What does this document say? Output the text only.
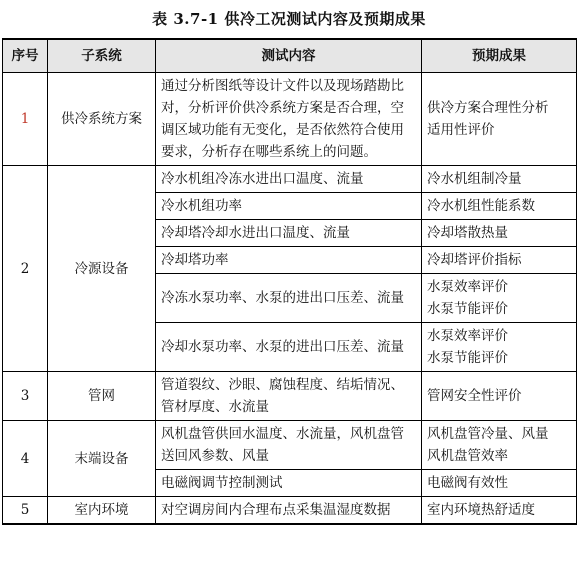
表 3.7-1 供冷工况测试内容及预期成果
序号	子系统	测试内容	预期成果
1	供冷系统方案	通过分析图纸等设计文件以及现场踏勘比对，分析评价供冷系统方案是否合理，空调区域功能有无变化，是否依然符合使用要求，分析存在哪些系统上的问题。	供冷方案合理性分析
适用性评价

2	冷源设备	冷水机组冷冻水进出口温度、流量	冷水机组制冷量

		冷水机组功率	冷水机组性能系数

		冷却塔冷却水进出口温度、流量	冷却塔散热量

		冷却塔功率	冷却塔评价指标

		冷冻水泵功率、水泵的进出口压差、流量	水泵效率评价
水泵节能评价

		冷却水泵功率、水泵的进出口压差、流量	水泵效率评价
水泵节能评价

3	管网	管道裂纹、沙眼、腐蚀程度、结垢情况、管材厚度、水流量	管网安全性评价

4	末端设备	风机盘管供回水温度、水流量，风机盘管送回风参数、风量	风机盘管冷量、风量
风机盘管效率

		电磁阀调节控制测试	电磁阀有效性

5	室内环境	对空调房间内合理布点采集温湿度数据	室内环境热舒适度
